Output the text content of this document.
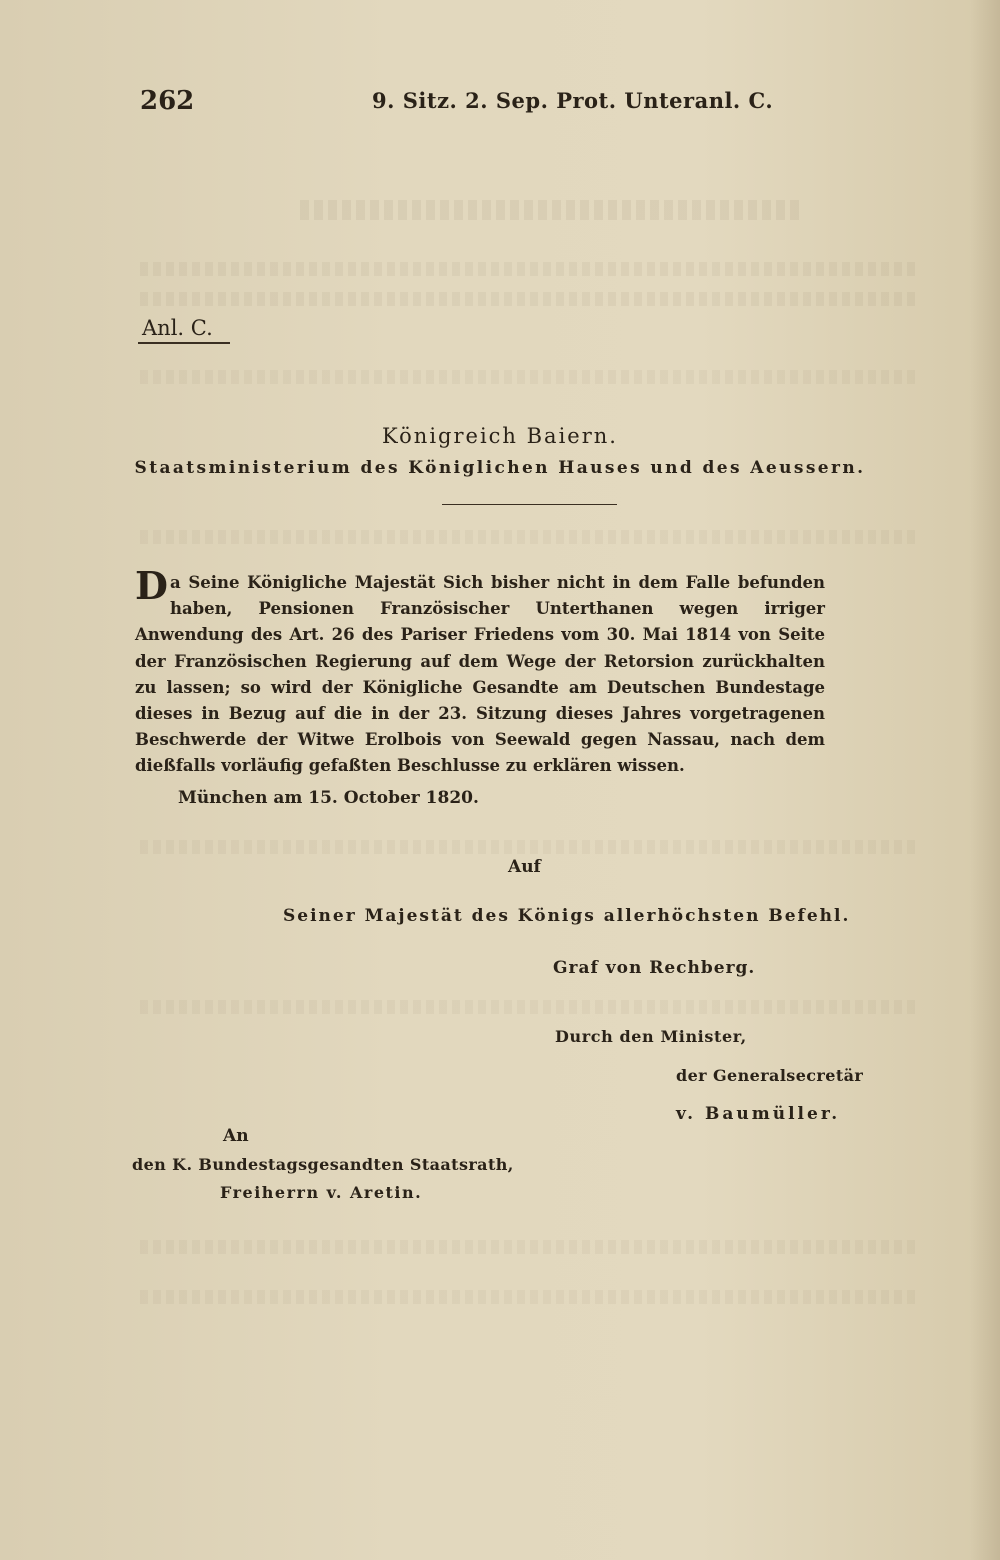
262	9. Sitz. 2. Sep. Prot. Unteranl. C.
Anl. C.
Königreich Baiern.
Staatsministerium des Königlichen Hauses und des Aeussern.
Da Seine Königliche Majestät Sich bisher nicht in dem Falle befunden haben, Pensionen Französischer Unterthanen wegen irriger Anwendung des Art. 26 des Pariser Friedens vom 30. Mai 1814 von Seite der Französischen Regierung auf dem Wege der Retorsion zurückhalten zu lassen; so wird der Königliche Gesandte am Deutschen Bundestage dieses in Bezug auf die in der 23. Sitzung dieses Jahres vorgetragenen Beschwerde der Witwe Erolbois von Seewald gegen Nassau, nach dem dießfalls vorläufig gefaßten Beschlusse zu erklären wissen.
München am 15. October 1820.
Auf
Seiner Majestät des Königs allerhöchsten Befehl.
Graf von Rechberg.
Durch den Minister,
der Generalsecretär
v. Baumüller.
An
den K. Bundestagsgesandten Staatsrath,
Freiherrn v. Aretin.
